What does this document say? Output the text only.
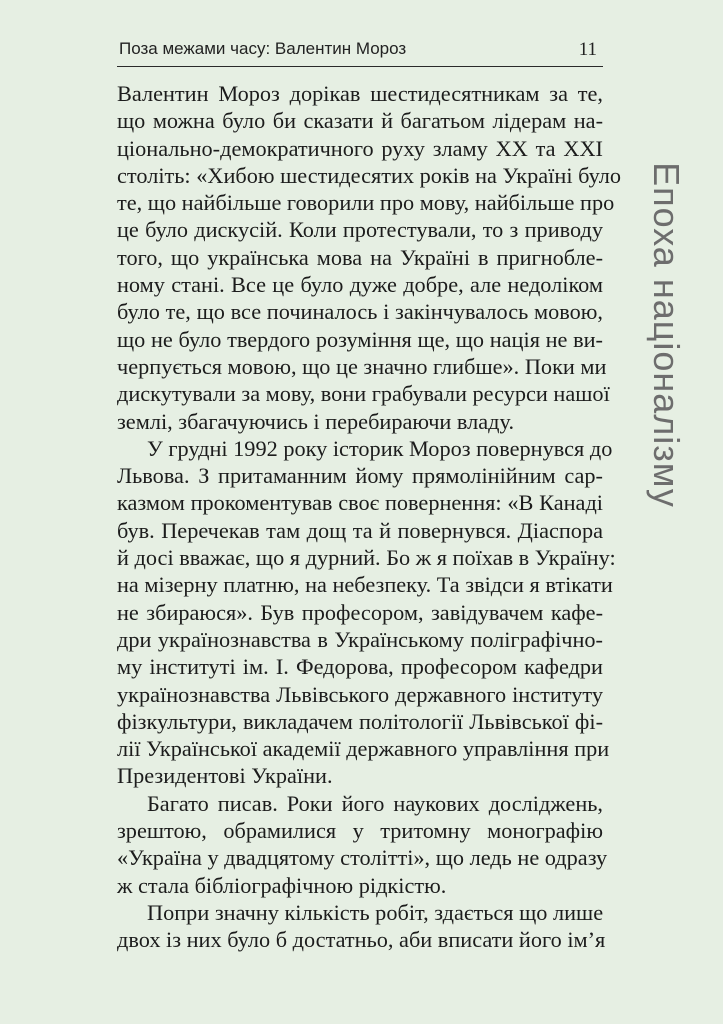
Поза межами часу: Валентин Мороз	11
Валентин Мороз дорікав шестидесятникам за те,
що можна було би сказати й багатьом лідерам на-
ціонально-демократичного руху зламу XX та XXI
століть: «Хибою шестидесятих років на Україні було
те, що найбільше говорили про мову, найбільше про
це було дискусій. Коли протестували, то з приводу
того, що українська мова на Україні в пригнобле-
ному стані. Все це було дуже добре, але недоліком
було те, що все починалось і закінчувалось мовою,
що не було твердого розуміння ще, що нація не ви-
черпується мовою, що це значно глибше». Поки ми
дискутували за мову, вони грабували ресурси нашої
землі, збагачуючись і перебираючи владу.
У грудні 1992 року історик Мороз повернувся до
Львова. З притаманним йому прямолінійним сар-
казмом прокоментував своє повернення: «В Канаді
був. Перечекав там дощ та й повернувся. Діаспора
й досі вважає, що я дурний. Бо ж я поїхав в Україну:
на мізерну платню, на небезпеку. Та звідси я втікати
не збираюся». Був професором, завідувачем кафе-
дри українознавства в Українському поліграфічно-
му інституті ім. І. Федорова, професором кафедри
українознавства Львівського державного інституту
фізкультури, викладачем політології Львівської фі-
лії Української академії державного управління при
Президентові України.
Багато писав. Роки його наукових досліджень,
зрештою, обрамилися у тритомну монографію
«Україна у двадцятому столітті», що ледь не одразу
ж стала бібліографічною рідкістю.
Попри значну кількість робіт, здається що лише
двох із них було б достатньо, аби вписати його ім’я
Епоха націоналізму
